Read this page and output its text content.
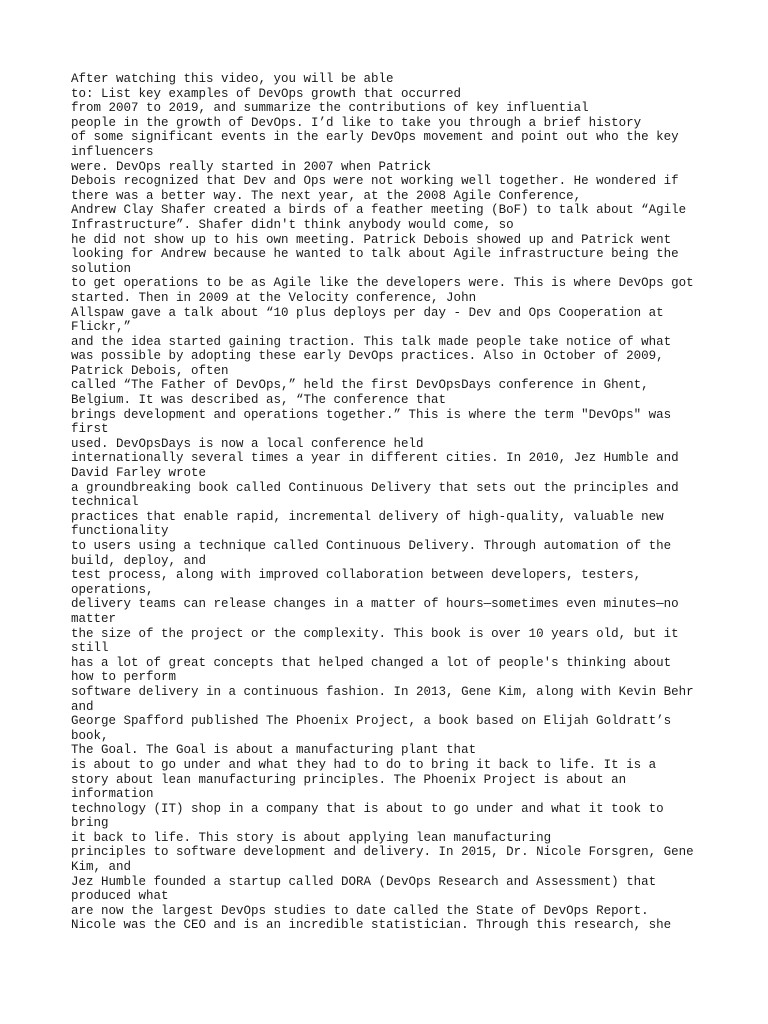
After watching this video, you will be able
to: List key examples of DevOps growth that occurred
from 2007 to 2019, and summarize the contributions of key influential
people in the growth of DevOps. I’d like to take you through a brief history
of some significant events in the early DevOps movement and point out who the key
influencers
were. DevOps really started in 2007 when Patrick
Debois recognized that Dev and Ops were not working well together. He wondered if
there was a better way. The next year, at the 2008 Agile Conference,
Andrew Clay Shafer created a birds of a feather meeting (BoF) to talk about “Agile
Infrastructure”. Shafer didn't think anybody would come, so
he did not show up to his own meeting. Patrick Debois showed up and Patrick went
looking for Andrew because he wanted to talk about Agile infrastructure being the
solution
to get operations to be as Agile like the developers were. This is where DevOps got
started. Then in 2009 at the Velocity conference, John
Allspaw gave a talk about “10 plus deploys per day - Dev and Ops Cooperation at
Flickr,”
and the idea started gaining traction. This talk made people take notice of what
was possible by adopting these early DevOps practices. Also in October of 2009,
Patrick Debois, often
called “The Father of DevOps,” held the first DevOpsDays conference in Ghent,
Belgium. It was described as, “The conference that
brings development and operations together.” This is where the term "DevOps" was
first
used. DevOpsDays is now a local conference held
internationally several times a year in different cities. In 2010, Jez Humble and
David Farley wrote
a groundbreaking book called Continuous Delivery that sets out the principles and
technical
practices that enable rapid, incremental delivery of high-quality, valuable new
functionality
to users using a technique called Continuous Delivery. Through automation of the
build, deploy, and
test process, along with improved collaboration between developers, testers,
operations,
delivery teams can release changes in a matter of hours—sometimes even minutes—no
matter
the size of the project or the complexity. This book is over 10 years old, but it
still
has a lot of great concepts that helped changed a lot of people's thinking about
how to perform
software delivery in a continuous fashion. In 2013, Gene Kim, along with Kevin Behr
and
George Spafford published The Phoenix Project, a book based on Elijah Goldratt’s
book,
The Goal. The Goal is about a manufacturing plant that
is about to go under and what they had to do to bring it back to life. It is a
story about lean manufacturing principles. The Phoenix Project is about an
information
technology (IT) shop in a company that is about to go under and what it took to
bring
it back to life. This story is about applying lean manufacturing
principles to software development and delivery. In 2015, Dr. Nicole Forsgren, Gene
Kim, and
Jez Humble founded a startup called DORA (DevOps Research and Assessment) that
produced what
are now the largest DevOps studies to date called the State of DevOps Report.
Nicole was the CEO and is an incredible statistician. Through this research, she
